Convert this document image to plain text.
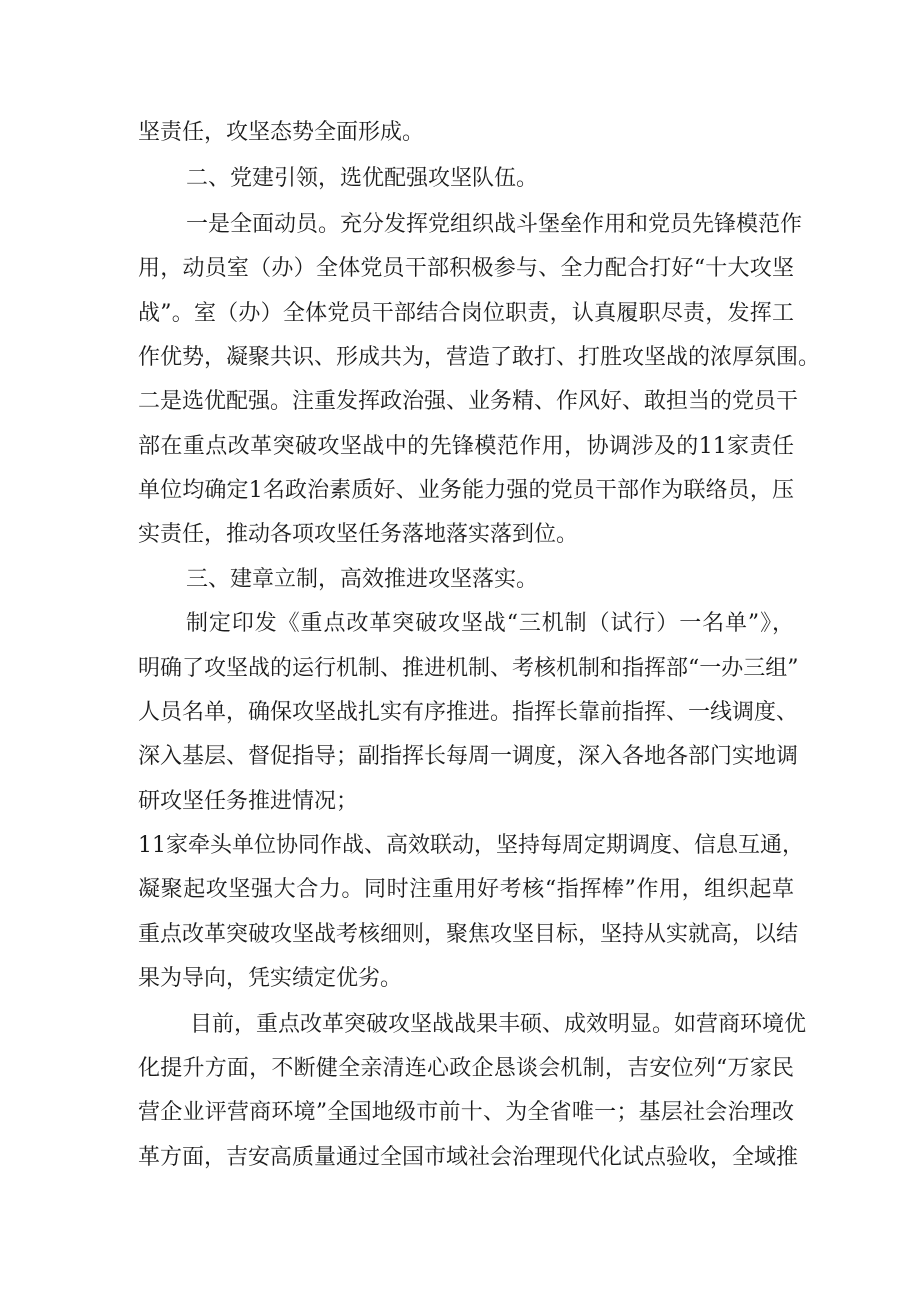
坚责任，攻坚态势全面形成。

二、党建引领，选优配强攻坚队伍。

一是全面动员。充分发挥党组织战斗堡垒作用和党员先锋模范作

用，动员室（办）全体党员干部积极参与、全力配合打好“十大攻坚

战”。室（办）全体党员干部结合岗位职责，认真履职尽责，发挥工

作优势，凝聚共识、形成共为，营造了敢打、打胜攻坚战的浓厚氛围。

二是选优配强。注重发挥政治强、业务精、作风好、敢担当的党员干

部在重点改革突破攻坚战中的先锋模范作用，协调涉及的11家责任

单位均确定1名政治素质好、业务能力强的党员干部作为联络员，压

实责任，推动各项攻坚任务落地落实落到位。

三、建章立制，高效推进攻坚落实。

制定印发《重点改革突破攻坚战“三机制（试行）一名单”》，

明确了攻坚战的运行机制、推进机制、考核机制和指挥部“一办三组”

人员名单，确保攻坚战扎实有序推进。指挥长靠前指挥、一线调度、

深入基层、督促指导；副指挥长每周一调度，深入各地各部门实地调

研攻坚任务推进情况；

11家牵头单位协同作战、高效联动，坚持每周定期调度、信息互通，

凝聚起攻坚强大合力。同时注重用好考核“指挥棒”作用，组织起草

重点改革突破攻坚战考核细则，聚焦攻坚目标，坚持从实就高，以结

果为导向，凭实绩定优劣。

目前，重点改革突破攻坚战战果丰硕、成效明显。如营商环境优

化提升方面，不断健全亲清连心政企恳谈会机制，吉安位列“万家民

营企业评营商环境”全国地级市前十、为全省唯一；基层社会治理改

革方面，吉安高质量通过全国市域社会治理现代化试点验收，全域推
